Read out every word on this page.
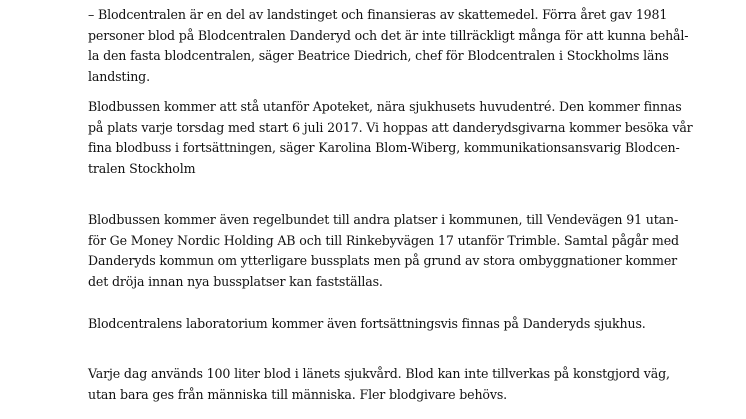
– Blodcentralen är en del av landstinget och finansieras av skattemedel. Förra året gav 1981
personer blod på Blodcentralen Danderyd och det är inte tillräckligt många för att kunna behål-
la den fasta blodcentralen, säger Beatrice Diedrich, chef för Blodcentralen i Stockholms läns
landsting.

Blodbussen kommer att stå utanför Apoteket, nära sjukhusets huvudentré. Den kommer finnas
på plats varje torsdag med start 6 juli 2017. Vi hoppas att danderydsgivarna kommer besöka vår
fina blodbuss i fortsättningen, säger Karolina Blom-Wiberg, kommunikationsansvarig Blodcen-
tralen Stockholm

Blodbussen kommer även regelbundet till andra platser i kommunen, till Vendevägen 91 utan-
för Ge Money Nordic Holding AB och till Rinkebyvägen 17 utanför Trimble. Samtal pågår med
Danderyds kommun om ytterligare bussplats men på grund av stora ombyggnationer kommer
det dröja innan nya bussplatser kan fastställas.

Blodcentralens laboratorium kommer även fortsättningsvis finnas på Danderyds sjukhus.

Varje dag används 100 liter blod i länets sjukvård. Blod kan inte tillverkas på konstgjord väg,
utan bara ges från människa till människa. Fler blodgivare behövs.
